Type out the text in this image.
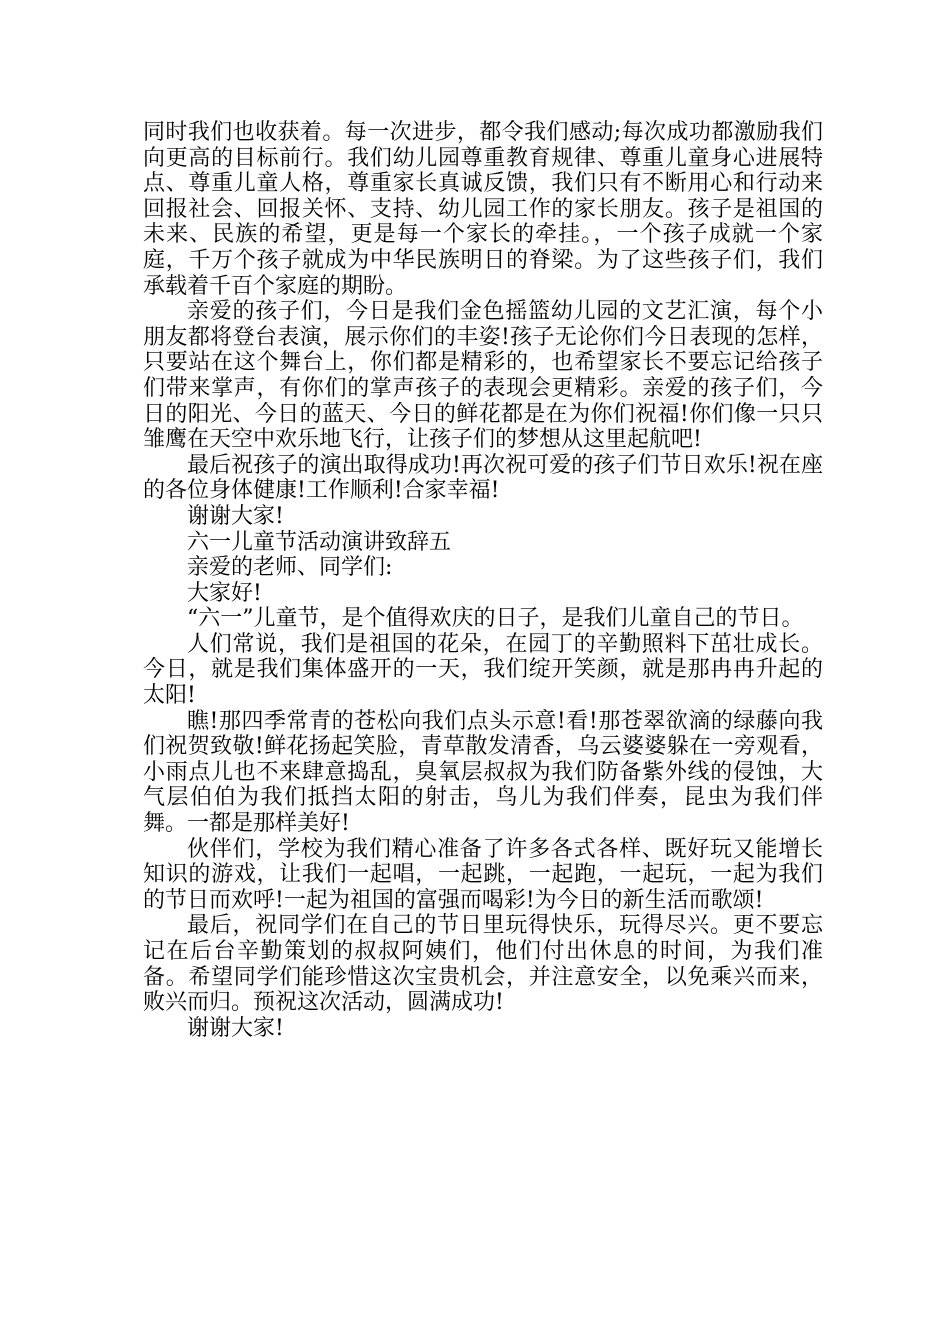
同时我们也收获着。每一次进步，都令我们感动;每次成功都激励我们向更高的目标前行。我们幼儿园尊重教育规律、尊重儿童身心进展特点、尊重儿童人格，尊重家长真诚反馈，我们只有不断用心和行动来回报社会、回报关怀、支持、幼儿园工作的家长朋友。孩子是祖国的未来、民族的希望，更是每一个家长的牵挂。，一个孩子成就一个家庭，千万个孩子就成为中华民族明日的脊梁。为了这些孩子们，我们承载着千百个家庭的期盼。

亲爱的孩子们，今日是我们金色摇篮幼儿园的文艺汇演，每个小朋友都将登台表演，展示你们的丰姿!孩子无论你们今日表现的怎样，只要站在这个舞台上，你们都是精彩的，也希望家长不要忘记给孩子们带来掌声，有你们的掌声孩子的表现会更精彩。亲爱的孩子们，今日的阳光、今日的蓝天、今日的鲜花都是在为你们祝福!你们像一只只雏鹰在天空中欢乐地飞行，让孩子们的梦想从这里起航吧!

最后祝孩子的演出取得成功!再次祝可爱的孩子们节日欢乐!祝在座的各位身体健康!工作顺利!合家幸福!

谢谢大家!

六一儿童节活动演讲致辞五

亲爱的老师、同学们:

大家好!

“六一”儿童节，是个值得欢庆的日子，是我们儿童自己的节日。

人们常说，我们是祖国的花朵，在园丁的辛勤照料下茁壮成长。今日，就是我们集体盛开的一天，我们绽开笑颜，就是那冉冉升起的太阳!

瞧!那四季常青的苍松向我们点头示意!看!那苍翠欲滴的绿藤向我们祝贺致敬!鲜花扬起笑脸，青草散发清香，乌云婆婆躲在一旁观看，小雨点儿也不来肆意捣乱，臭氧层叔叔为我们防备紫外线的侵蚀，大气层伯伯为我们抵挡太阳的射击，鸟儿为我们伴奏，昆虫为我们伴舞。一都是那样美好!

伙伴们，学校为我们精心准备了许多各式各样、既好玩又能增长知识的游戏，让我们一起唱，一起跳，一起跑，一起玩，一起为我们的节日而欢呼!一起为祖国的富强而喝彩!为今日的新生活而歌颂!

最后，祝同学们在自己的节日里玩得快乐，玩得尽兴。更不要忘记在后台辛勤策划的叔叔阿姨们，他们付出休息的时间，为我们准备。希望同学们能珍惜这次宝贵机会，并注意安全，以免乘兴而来，败兴而归。预祝这次活动，圆满成功!

谢谢大家!
